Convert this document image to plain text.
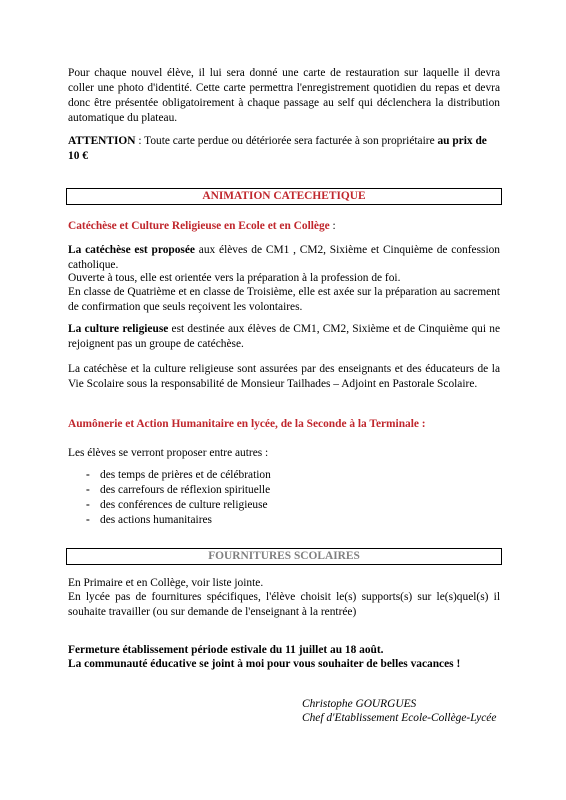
Pour chaque nouvel élève, il lui sera donné une carte de restauration sur laquelle il devra coller une photo d'identité. Cette carte permettra l'enregistrement quotidien du repas et devra donc être présentée obligatoirement à chaque passage au self qui déclenchera la distribution automatique du plateau.

ATTENTION : Toute carte perdue ou détériorée sera facturée à son propriétaire au prix de 10 €

ANIMATION CATECHETIQUE

Catéchèse et Culture Religieuse en Ecole et en Collège :

La catéchèse est proposée aux élèves de CM1 , CM2, Sixième et Cinquième de confession catholique.

Ouverte à tous, elle est orientée vers la préparation à la profession de foi.

En classe de Quatrième et en classe de Troisième, elle est axée sur la préparation au sacrement de confirmation que seuls reçoivent les volontaires.

La culture religieuse est destinée aux élèves de CM1, CM2, Sixième et de Cinquième qui ne rejoignent pas un groupe de catéchèse.

La catéchèse et la culture religieuse sont assurées par des enseignants et des éducateurs de la Vie Scolaire sous la responsabilité de Monsieur Tailhades – Adjoint en Pastorale Scolaire.

Aumônerie et Action Humanitaire en lycée, de la Seconde à la Terminale :

Les élèves se verront proposer entre autres :

- des temps de prières et de célébration
- des carrefours de réflexion spirituelle
- des conférences de culture religieuse
- des actions humanitaires
FOURNITURES SCOLAIRES

En Primaire et en Collège, voir liste jointe.

En lycée pas de fournitures spécifiques, l'élève choisit le(s) supports(s) sur le(s)quel(s) il souhaite travailler (ou sur demande de l'enseignant à la rentrée)

Fermeture établissement période estivale du 11 juillet au 18 août.

La communauté éducative se joint à moi pour vous souhaiter de belles vacances !

Christophe GOURGUES
Chef d'Etablissement Ecole-Collège-Lycée
